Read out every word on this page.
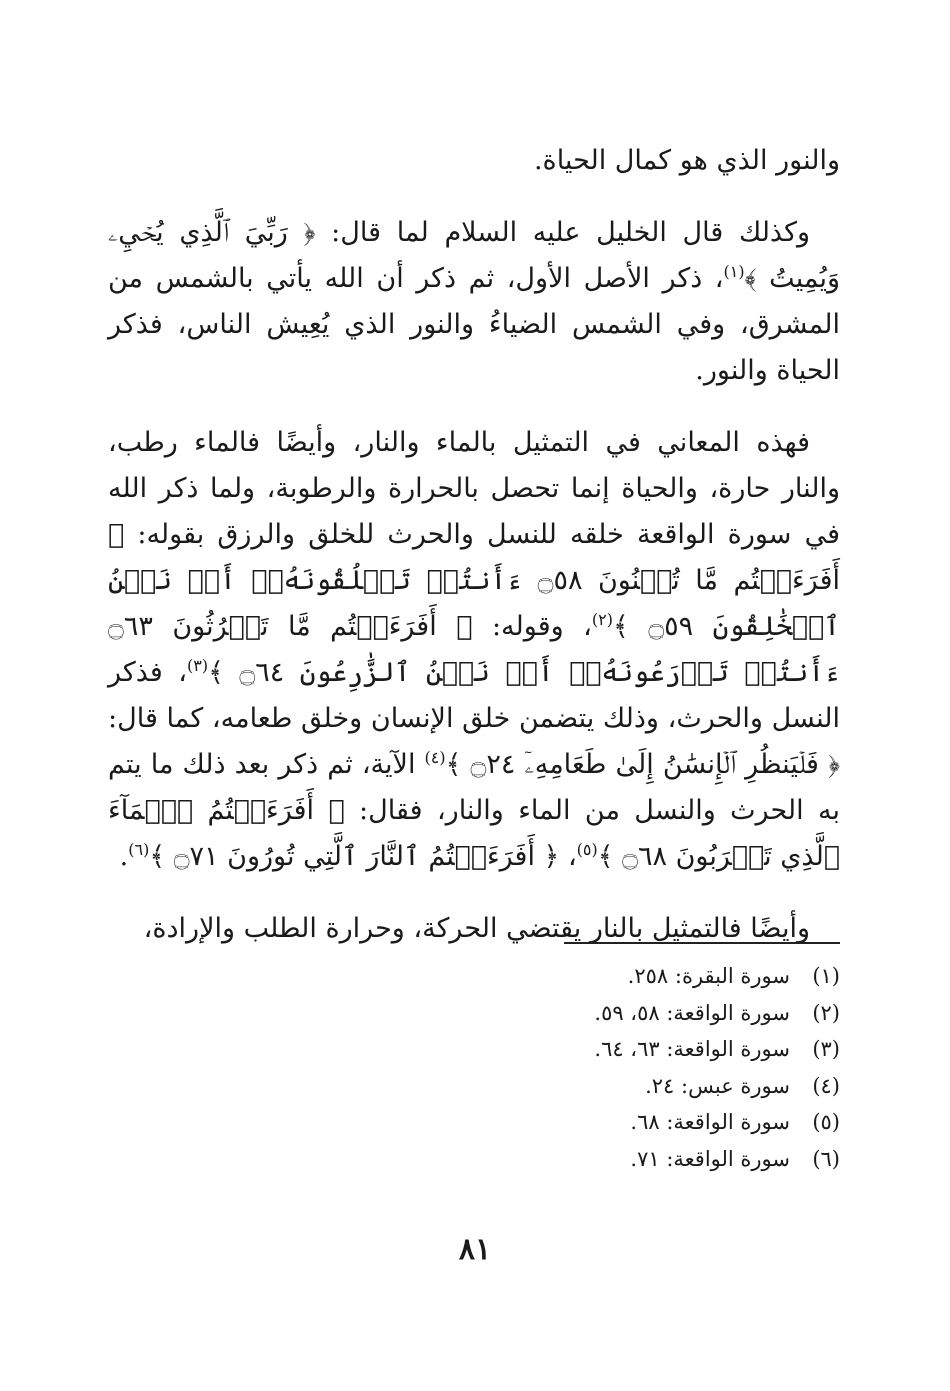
والنور الذي هو كمال الحياة.

وكذلك قال الخليل عليه السلام لما قال: ﴿ رَبِّيَ ٱلَّذِي يُحۡيِۦ وَيُمِيتُ ﴾$^{(١)}$، ذكر الأصل الأول، ثم ذكر أن الله يأتي بالشمس من المشرق، وفي الشمس الضياءُ والنور الذي يُعِيش الناس، فذكر الحياة والنور.

فهذه المعاني في التمثيل بالماء والنار، وأيضًا فالماء رطب، والنار حارة، والحياة إنما تحصل بالحرارة والرطوبة، ولما ذكر الله في سورة الواقعة خلقه للنسل والحرث للخلق والرزق بقوله: ﴿ أَفَرَءَيۡتُم مَّا تُمۡنُونَ ۝٥٨ ءَأَنتُمۡ تَخۡلُقُونَهُۥٓ أَمۡ نَحۡنُ ٱلۡخَٰلِقُونَ ۝٥٩ ﴾$^{(٢)}$، وقوله: ﴿ أَفَرَءَيۡتُم مَّا تَحۡرُثُونَ ۝٦٣ ءَأَنتُمۡ تَزۡرَعُونَهُۥٓ أَمۡ نَحۡنُ ٱلزَّٰرِعُونَ ۝٦٤ ﴾$^{(٣)}$، فذكر النسل والحرث، وذلك يتضمن خلق الإنسان وخلق طعامه، كما قال: ﴿ فَلۡيَنظُرِ ٱلۡإِنسَٰنُ إِلَىٰ طَعَامِهِۦٓ ۝٢٤ ﴾$^{(٤)}$ الآية، ثم ذكر بعد ذلك ما يتم به الحرث والنسل من الماء والنار، فقال: ﴿ أَفَرَءَيۡتُمُ ٱلۡمَآءَ ٱلَّذِي تَشۡرَبُونَ ۝٦٨ ﴾$^{(٥)}$، ﴿ أَفَرَءَيۡتُمُ ٱلنَّارَ ٱلَّتِي تُورُونَ ۝٧١ ﴾$^{(٦)}$.

وأيضًا فالتمثيل بالنار يقتضي الحركة، وحرارة الطلب والإرادة،

(١)
سورة البقرة: ٢٥٨.
(٢)
سورة الواقعة: ٥٨، ٥٩.
(٣)
سورة الواقعة: ٦٣، ٦٤.
(٤)
سورة عبس: ٢٤.
(٥)
سورة الواقعة: ٦٨.
(٦)
سورة الواقعة: ٧١.
٨١
